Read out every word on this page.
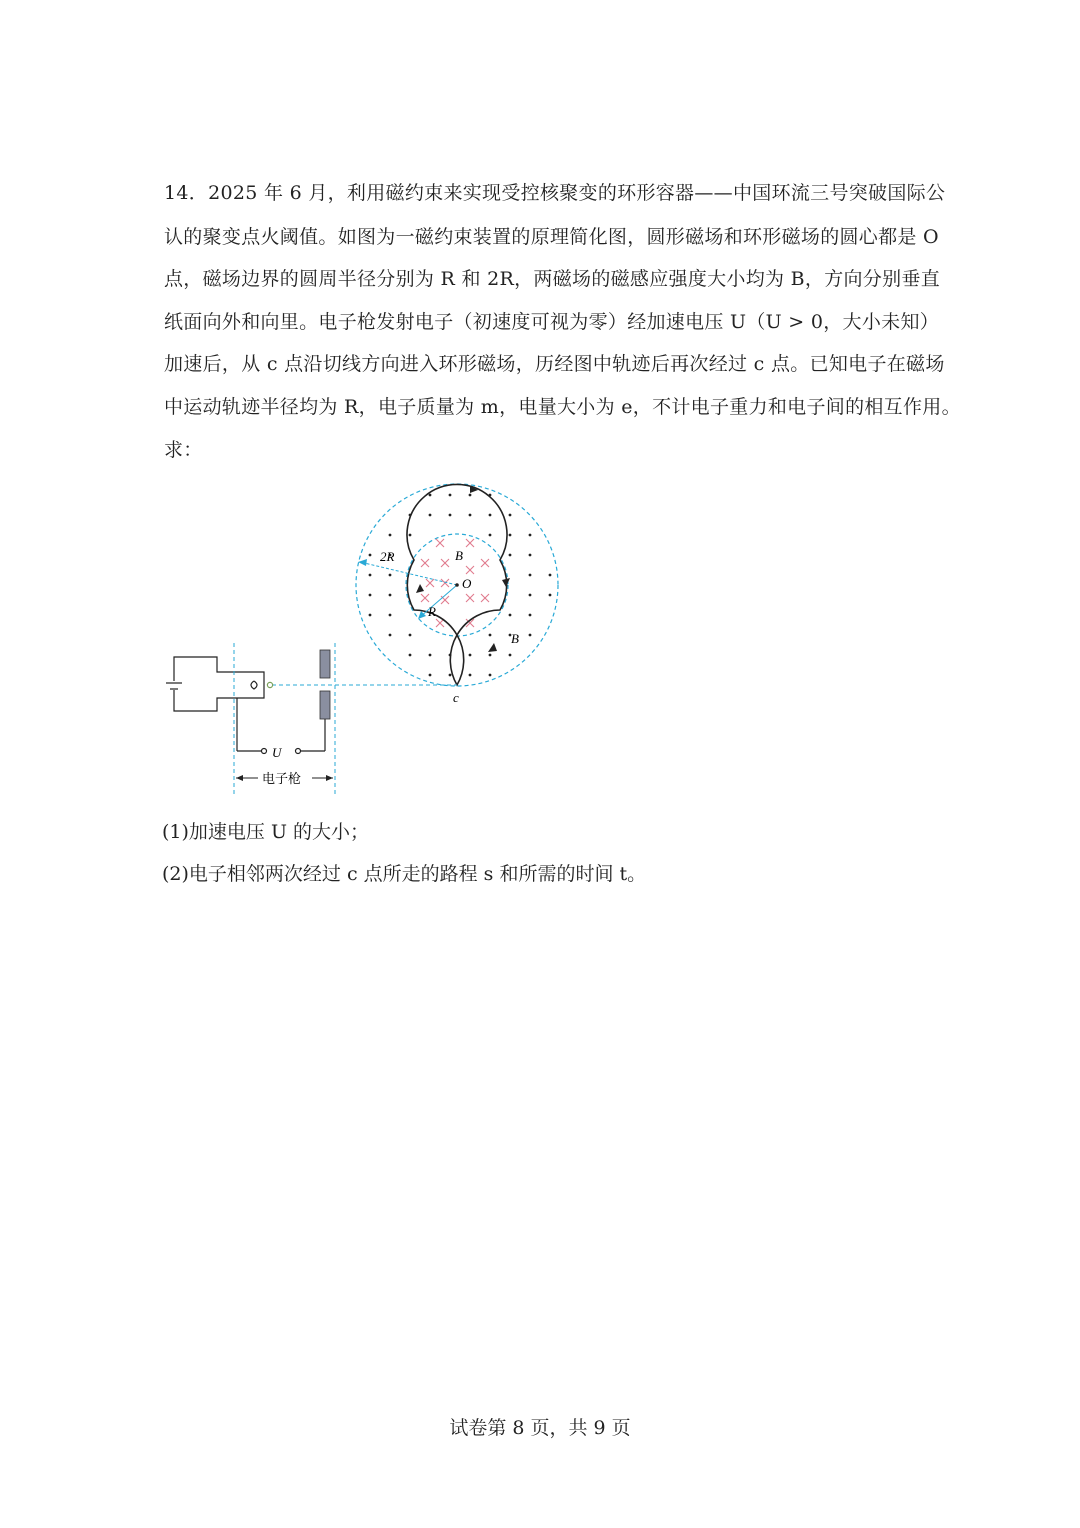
14．2025 年 6 月，利用磁约束来实现受控核聚变的环形容器——中国环流三号突破国际公
认的聚变点火阈值。如图为一磁约束装置的原理简化图，圆形磁场和环形磁场的圆心都是 O
点，磁场边界的圆周半径分别为 R 和 2R，两磁场的磁感应强度大小均为 B，方向分别垂直
纸面向外和向里。电子枪发射电子（初速度可视为零）经加速电压 U（U > 0，大小未知）
加速后，从 c 点沿切线方向进入环形磁场，历经图中轨迹后再次经过 c 点。已知电子在磁场
中运动轨迹半径均为 R，电子质量为 m，电量大小为 e，不计电子重力和电子间的相互作用。
求：
2R	B
O
R
B
c
U
电子枪
(1)加速电压 U 的大小；
(2)电子相邻两次经过 c 点所走的路程 s 和所需的时间 t。
试卷第 8 页，共 9 页
